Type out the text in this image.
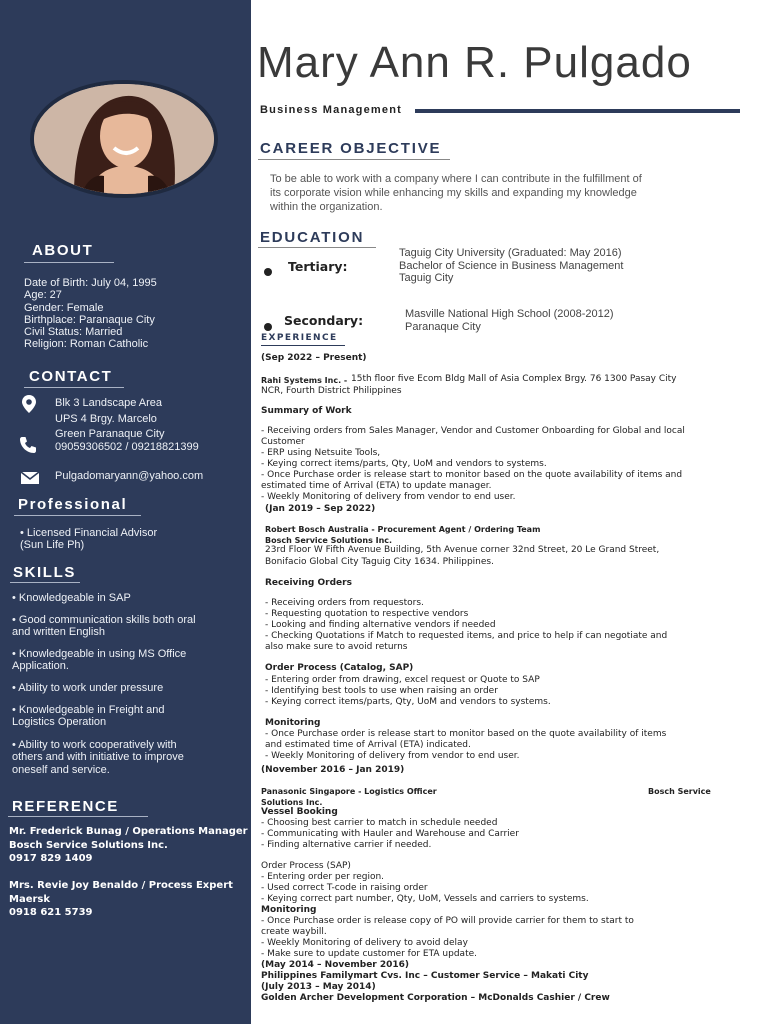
ABOUT
Date of Birth: July 04, 1995
Age: 27
Gender: Female
Birthplace: Paranaque City
Civil Status: Married
Religion: Roman Catholic
CONTACT
Blk 3 Landscape Area
UPS 4 Brgy. Marcelo
Green Paranaque City
09059306502 / 09218821399
Pulgadomaryann@yahoo.com
Professional
• Licensed Financial Advisor
(Sun Life Ph)
SKILLS
• Knowledgeable in SAP
• Good communication skills both oral
and written English
• Knowledgeable in using MS Office
Application.
• Ability to work under pressure
• Knowledgeable in Freight and
Logistics Operation
• Ability to work cooperatively with
others and with initiative to improve
oneself and service.
REFERENCE
Mr. Frederick Bunag / Operations Manager
Bosch Service Solutions Inc.
0917 829 1409
Mrs. Revie Joy Benaldo / Process Expert
Maersk
0918 621 5739
Mary Ann R. Pulgado
Business Management
CAREER OBJECTIVE
To be able to work with a company where I can contribute in the fulfillment of
its corporate vision while enhancing my skills and expanding my knowledge
within the organization.
EDUCATION
Tertiary:
Taguig City University (Graduated: May 2016)
Bachelor of Science in Business Management
Taguig City
Secondary:	Masville National High School (2008-2012)
Paranaque City
EXPERIENCE
(Sep 2022 – Present)
Rahi Systems Inc. - 15th floor five Ecom Bldg Mall of Asia Complex Brgy. 76 1300 Pasay City
NCR, Fourth District Philippines
Summary of Work
- Receiving orders from Sales Manager, Vendor and Customer Onboarding for Global and local
Customer
- ERP using Netsuite Tools,
- Keying correct items/parts, Qty, UoM and vendors to systems.
- Once Purchase order is release start to monitor based on the quote availability of items and
estimated time of Arrival (ETA) to update manager.
- Weekly Monitoring of delivery from vendor to end user.
(Jan 2019 – Sep 2022)
Robert Bosch Australia - Procurement Agent / Ordering Team
Bosch Service Solutions Inc.
23rd Floor W Fifth Avenue Building, 5th Avenue corner 32nd Street, 20 Le Grand Street,
Bonifacio Global City Taguig City 1634. Philippines.
Receiving Orders
- Receiving orders from requestors.
- Requesting quotation to respective vendors
- Looking and finding alternative vendors if needed
- Checking Quotations if Match to requested items, and price to help if can negotiate and
also make sure to avoid returns
Order Process (Catalog, SAP)
- Entering order from drawing, excel request or Quote to SAP
- Identifying best tools to use when raising an order
- Keying correct items/parts, Qty, UoM and vendors to systems.
Monitoring
- Once Purchase order is release start to monitor based on the quote availability of items
and estimated time of Arrival (ETA) indicated.
- Weekly Monitoring of delivery from vendor to end user.
(November 2016 – Jan 2019)
Panasonic Singapore - Logistics Officer	Bosch Service
Solutions Inc.
Vessel Booking
- Choosing best carrier to match in schedule needed
- Communicating with Hauler and Warehouse and Carrier
- Finding alternative carrier if needed.
Order Process (SAP)
- Entering order per region.
- Used correct T-code in raising order
- Keying correct part number, Qty, UoM, Vessels and carriers to systems.
Monitoring
- Once Purchase order is release copy of PO will provide carrier for them to start to
create waybill.
- Weekly Monitoring of delivery to avoid delay
- Make sure to update customer for ETA update.
(May 2014 – November 2016)
Philippines Familymart Cvs. Inc – Customer Service – Makati City
(July 2013 – May 2014)
Golden Archer Development Corporation – McDonalds Cashier / Crew
